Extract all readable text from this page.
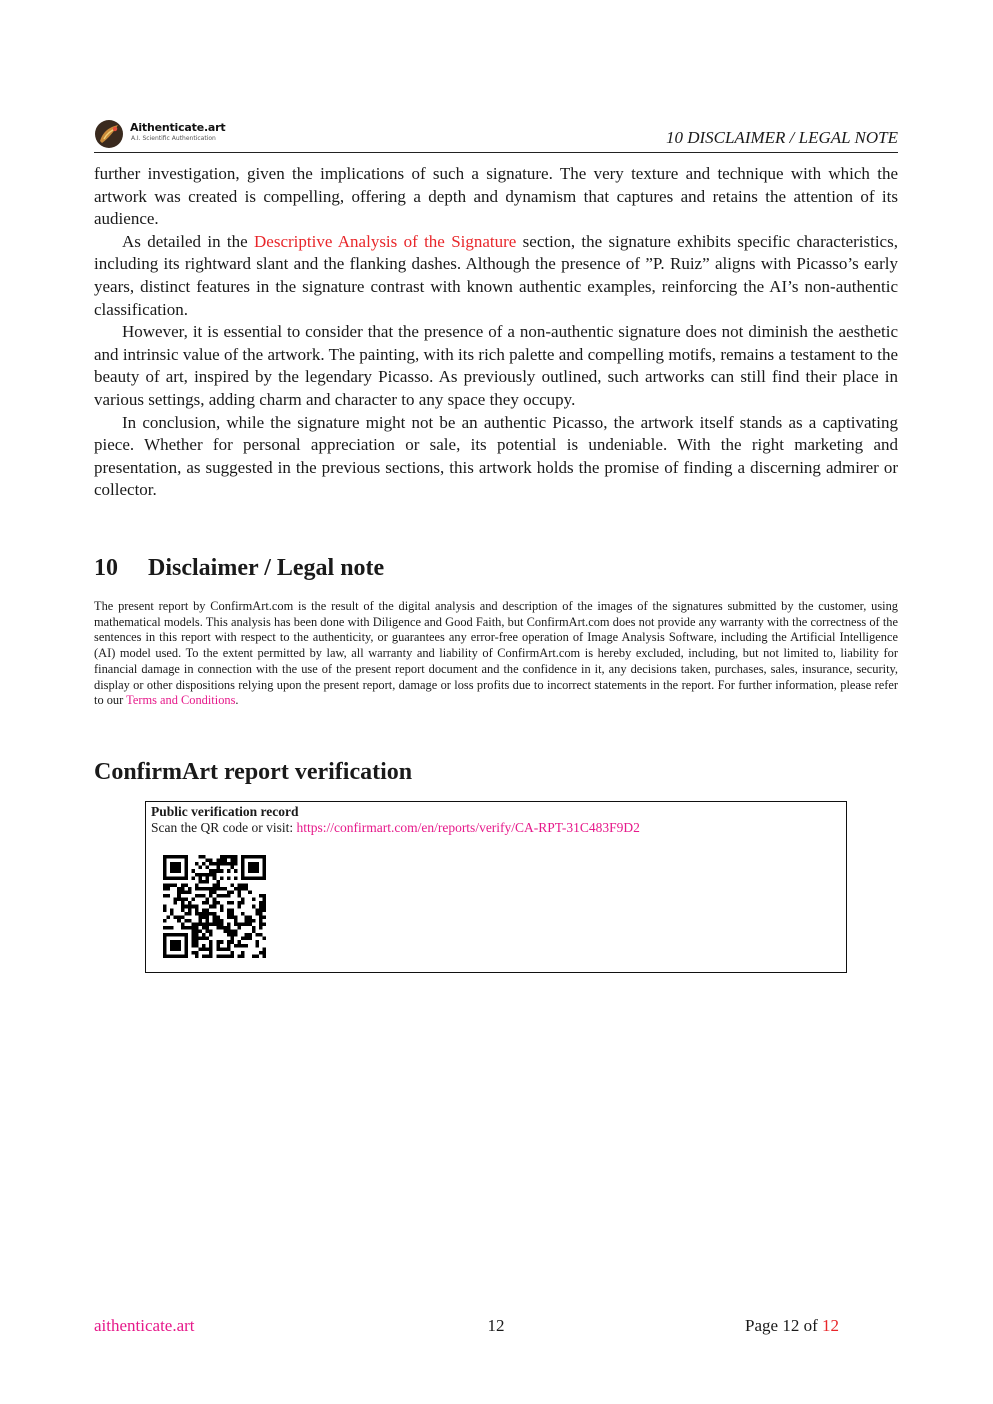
Aithenticate.art
A.I. Scientific Authentication	10 DISCLAIMER / LEGAL NOTE

further investigation, given the implications of such a signature. The very texture and technique with which the artwork was created is compelling, offering a depth and dynamism that captures and retains the attention of its audience.

As detailed in the Descriptive Analysis of the Signature section, the signature exhibits specific characteristics, including its rightward slant and the flanking dashes. Although the presence of ”P. Ruiz” aligns with Picasso’s early years, distinct features in the signature contrast with known authentic examples, reinforcing the AI’s non-authentic classification.

However, it is essential to consider that the presence of a non-authentic signature does not diminish the aesthetic and intrinsic value of the artwork. The painting, with its rich palette and compelling motifs, remains a testament to the beauty of art, inspired by the legendary Picasso. As previously outlined, such artworks can still find their place in various settings, adding charm and character to any space they occupy.

In conclusion, while the signature might not be an authentic Picasso, the artwork itself stands as a captivating piece. Whether for personal appreciation or sale, its potential is undeniable. With the right marketing and presentation, as suggested in the previous sections, this artwork holds the promise of finding a discerning admirer or collector.

10 Disclaimer / Legal note

The present report by ConfirmArt.com is the result of the digital analysis and description of the images of the signatures submitted by the customer, using mathematical models. This analysis has been done with Diligence and Good Faith, but ConfirmArt.com does not provide any warranty with the correctness of the sentences in this report with respect to the authenticity, or guarantees any error-free operation of Image Analysis Software, including the Artificial Intelligence (AI) model used. To the extent permitted by law, all warranty and liability of ConfirmArt.com is hereby excluded, including, but not limited to, liability for financial damage in connection with the use of the present report document and the confidence in it, any decisions taken, purchases, sales, insurance, security, display or other dispositions relying upon the present report, damage or loss profits due to incorrect statements in the report. For further information, please refer to our Terms and Conditions.

ConfirmArt report verification
Public verification record
Scan the QR code or visit: https://confirmart.com/en/reports/verify/CA-RPT-31C483F9D2
aithenticate.art	12	Page 12 of 12
